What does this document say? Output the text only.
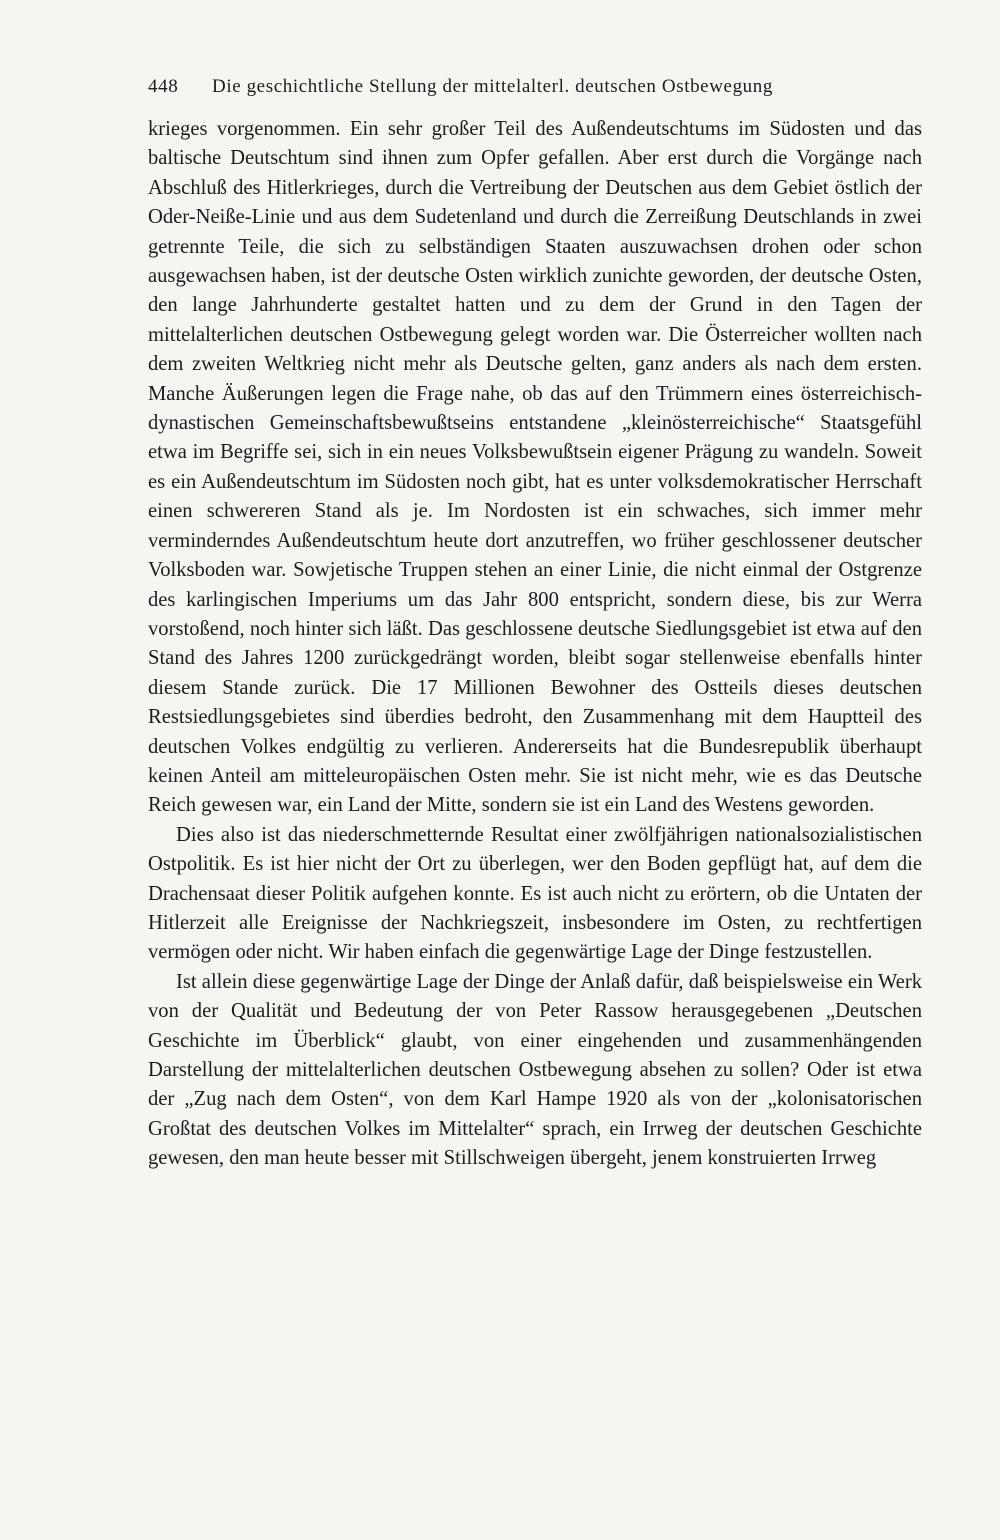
448 Die geschichtliche Stellung der mittelalterl. deutschen Ostbewegung

krieges vorgenommen. Ein sehr großer Teil des Außendeutschtums im Südosten und das baltische Deutschtum sind ihnen zum Opfer gefallen. Aber erst durch die Vorgänge nach Abschluß des Hitlerkrieges, durch die Vertreibung der Deutschen aus dem Gebiet östlich der Oder-Neiße-Linie und aus dem Sudetenland und durch die Zerreißung Deutschlands in zwei getrennte Teile, die sich zu selbständigen Staaten auszuwachsen drohen oder schon ausgewachsen haben, ist der deutsche Osten wirklich zunichte geworden, der deutsche Osten, den lange Jahrhunderte gestaltet hatten und zu dem der Grund in den Tagen der mittelalterlichen deutschen Ostbewegung gelegt worden war. Die Österreicher wollten nach dem zweiten Weltkrieg nicht mehr als Deutsche gelten, ganz anders als nach dem ersten. Manche Äußerungen legen die Frage nahe, ob das auf den Trümmern eines österreichisch-dynastischen Gemeinschaftsbewußtseins entstandene „kleinösterreichische“ Staatsgefühl etwa im Begriffe sei, sich in ein neues Volksbewußtsein eigener Prägung zu wandeln. Soweit es ein Außendeutschtum im Südosten noch gibt, hat es unter volksdemokratischer Herrschaft einen schwereren Stand als je. Im Nordosten ist ein schwaches, sich immer mehr verminderndes Außendeutschtum heute dort anzutreffen, wo früher geschlossener deutscher Volksboden war. Sowjetische Truppen stehen an einer Linie, die nicht einmal der Ostgrenze des karlingischen Imperiums um das Jahr 800 entspricht, sondern diese, bis zur Werra vorstoßend, noch hinter sich läßt. Das geschlossene deutsche Siedlungsgebiet ist etwa auf den Stand des Jahres 1200 zurückgedrängt worden, bleibt sogar stellenweise ebenfalls hinter diesem Stande zurück. Die 17 Millionen Bewohner des Ostteils dieses deutschen Restsiedlungsgebietes sind überdies bedroht, den Zusammenhang mit dem Hauptteil des deutschen Volkes endgültig zu verlieren. Andererseits hat die Bundesrepublik überhaupt keinen Anteil am mitteleuropäischen Osten mehr. Sie ist nicht mehr, wie es das Deutsche Reich gewesen war, ein Land der Mitte, sondern sie ist ein Land des Westens geworden.

Dies also ist das niederschmetternde Resultat einer zwölfjährigen nationalsozialistischen Ostpolitik. Es ist hier nicht der Ort zu überlegen, wer den Boden gepflügt hat, auf dem die Drachensaat dieser Politik aufgehen konnte. Es ist auch nicht zu erörtern, ob die Untaten der Hitlerzeit alle Ereignisse der Nachkriegszeit, insbesondere im Osten, zu rechtfertigen vermögen oder nicht. Wir haben einfach die gegenwärtige Lage der Dinge festzustellen.

Ist allein diese gegenwärtige Lage der Dinge der Anlaß dafür, daß beispielsweise ein Werk von der Qualität und Bedeutung der von Peter Rassow herausgegebenen „Deutschen Geschichte im Überblick“ glaubt, von einer eingehenden und zusammenhängenden Darstellung der mittelalterlichen deutschen Ostbewegung absehen zu sollen? Oder ist etwa der „Zug nach dem Osten“, von dem Karl Hampe 1920 als von der „kolonisatorischen Großtat des deutschen Volkes im Mittelalter“ sprach, ein Irrweg der deutschen Geschichte gewesen, den man heute besser mit Stillschweigen übergeht, jenem konstruierten Irrweg
